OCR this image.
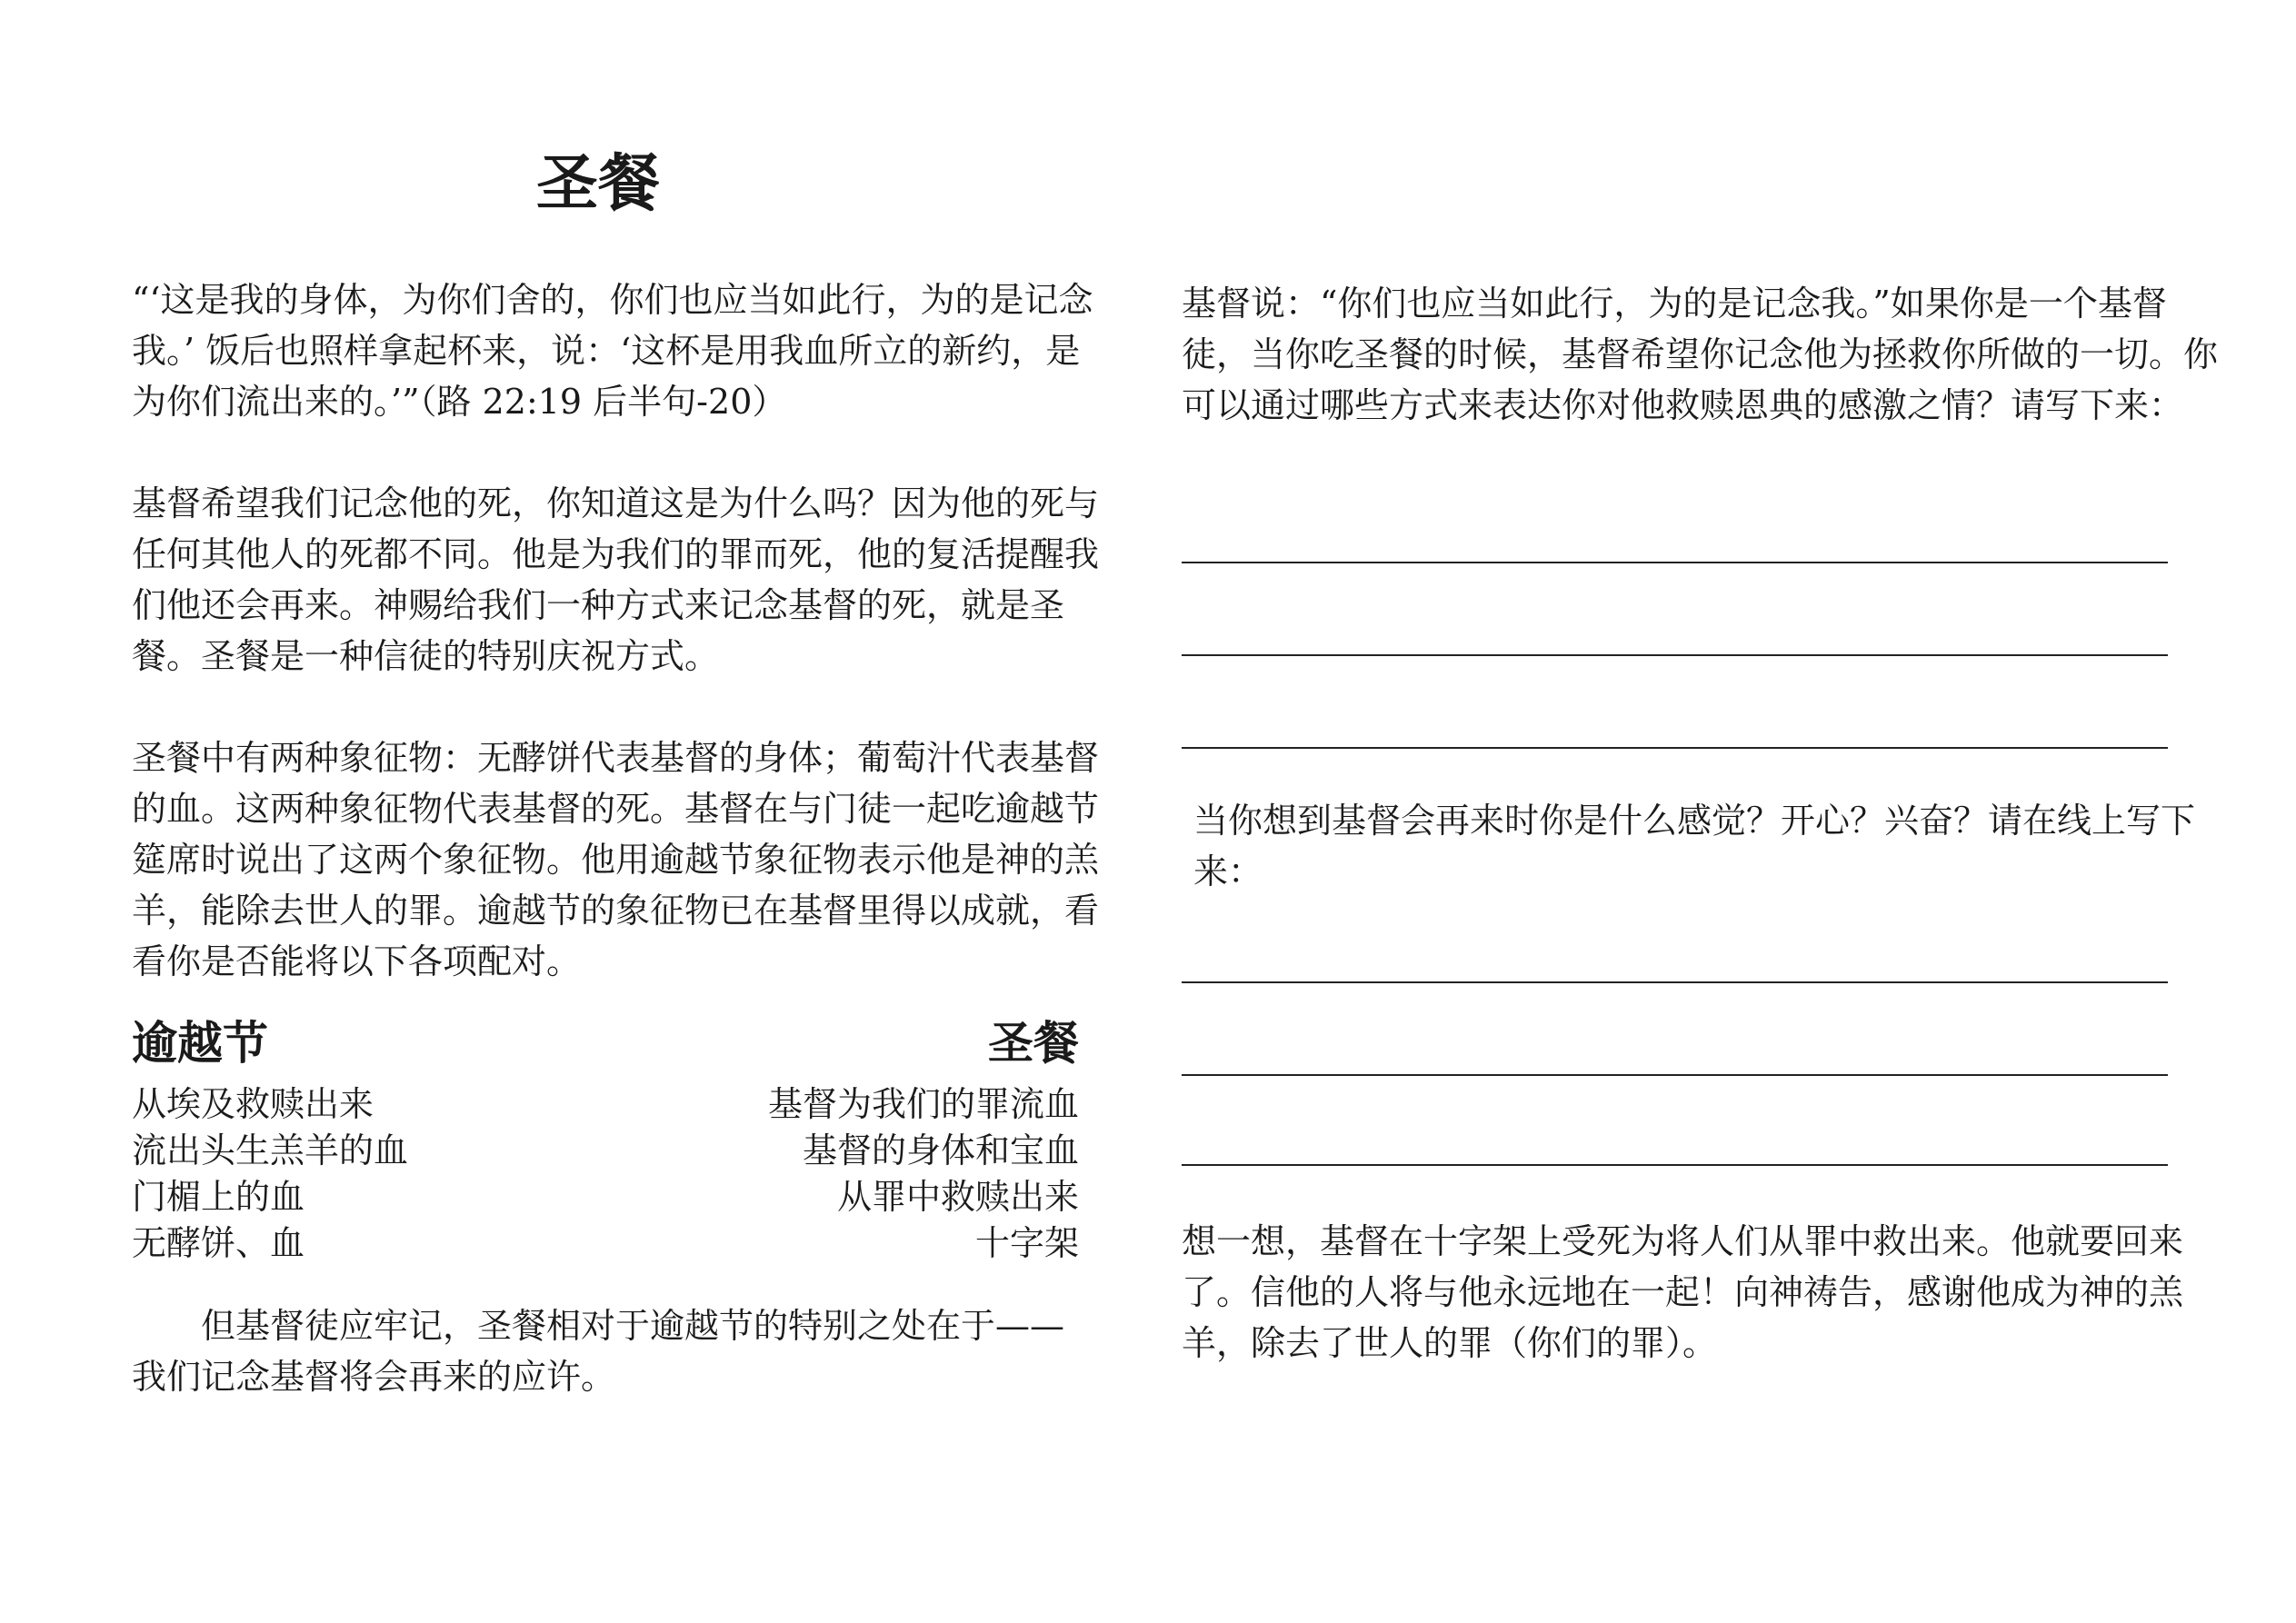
圣餐

“‘这是我的身体，为你们舍的，你们也应当如此行，为的是记念我。’ 饭后也照样拿起杯来，说：‘这杯是用我血所立的新约，是为你们流出来的。’”（路 22:19 后半句-20）

基督希望我们记念他的死，你知道这是为什么吗？因为他的死与任何其他人的死都不同。他是为我们的罪而死，他的复活提醒我们他还会再来。神赐给我们一种方式来记念基督的死，就是圣餐。圣餐是一种信徒的特别庆祝方式。

圣餐中有两种象征物：无酵饼代表基督的身体；葡萄汁代表基督的血。这两种象征物代表基督的死。基督在与门徒一起吃逾越节筵席时说出了这两个象征物。他用逾越节象征物表示他是神的羔羊，能除去世人的罪。逾越节的象征物已在基督里得以成就，看看你是否能将以下各项配对。

逾越节	圣餐
从埃及救赎出来	基督为我们的罪流血
流出头生羔羊的血	基督的身体和宝血
门楣上的血	从罪中救赎出来
无酵饼、血	十字架

但基督徒应牢记，圣餐相对于逾越节的特别之处在于——我们记念基督将会再来的应许。

基督说：“你们也应当如此行，为的是记念我。”如果你是一个基督徒，当你吃圣餐的时候，基督希望你记念他为拯救你所做的一切。你可以通过哪些方式来表达你对他救赎恩典的感激之情？请写下来：

当你想到基督会再来时你是什么感觉？开心？兴奋？请在线上写下来：

想一想，基督在十字架上受死为将人们从罪中救出来。他就要回来了。信他的人将与他永远地在一起！向神祷告，感谢他成为神的羔羊，除去了世人的罪（你们的罪）。
